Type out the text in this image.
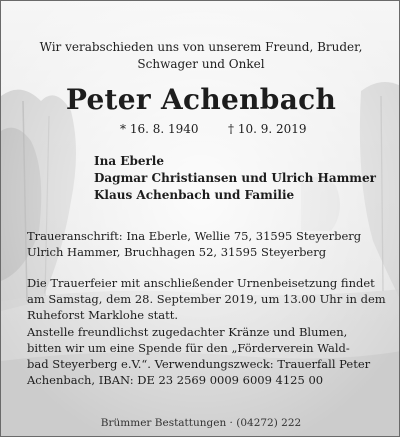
Wir verabschieden uns von unserem Freund, Bruder,
Schwager und Onkel
Peter Achenbach
* 16. 8. 1940 † 10. 9. 2019
Ina Eberle
Dagmar Christiansen und Ulrich Hammer
Klaus Achenbach und Familie
Traueranschrift: Ina Eberle, Wellie 75, 31595 Steyerberg
Ulrich Hammer, Bruchhagen 52, 31595 Steyerberg
Die Trauerfeier mit anschließender Urnenbeisetzung findet
am Samstag, dem 28. September 2019, um 13.00 Uhr in dem
Ruheforst Marklohe statt.
Anstelle freundlichst zugedachter Kränze und Blumen,
bitten wir um eine Spende für den „Förderverein Wald-
bad Steyerberg e.V.“. Verwendungszweck: Trauerfall Peter
Achenbach, IBAN: DE 23 2569 0009 6009 4125 00
Brümmer Bestattungen · (04272) 222
